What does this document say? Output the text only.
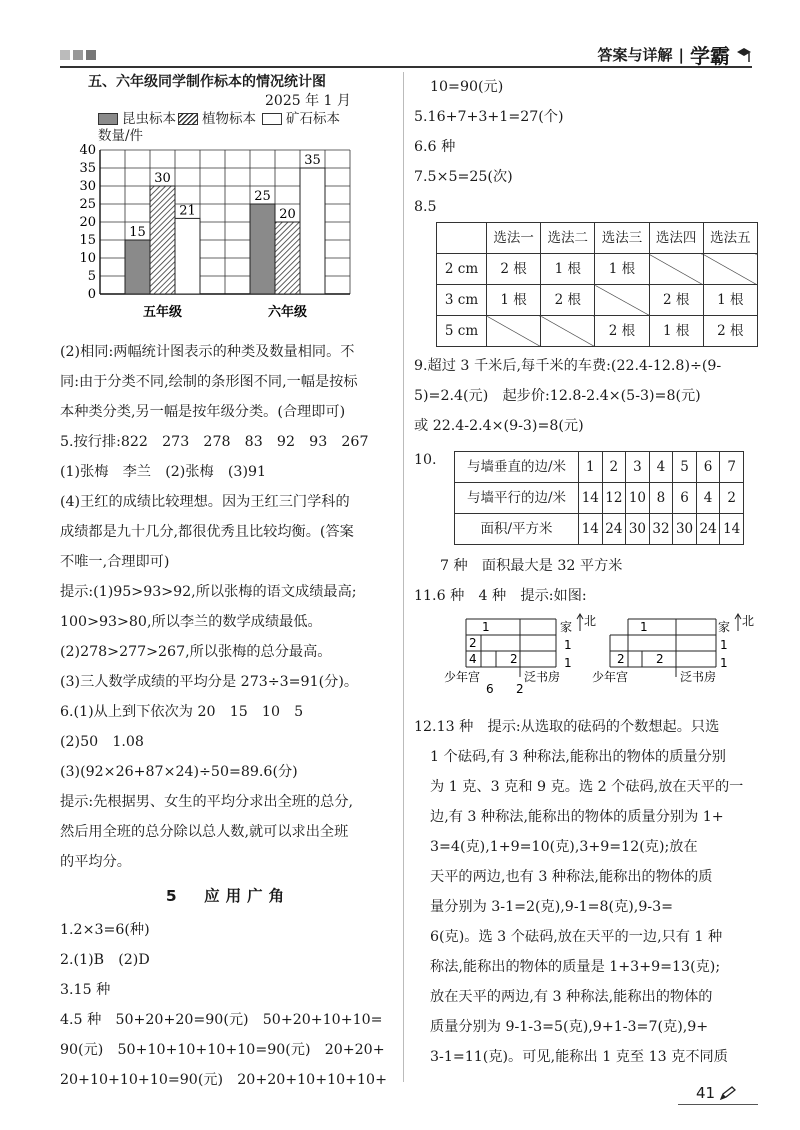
答案与详解 | 学霸
五、六年级同学制作标本的情况统计图
2025 年 1 月
昆虫标本 植物标本 矿石标本
数量/件
0
5
10
15
20
25
30
35
40
15
30
21
五年级
25
20
35
六年级
(2)相同:两幅统计图表示的种类及数量相同。不
同:由于分类不同,绘制的条形图不同,一幅是按标
本种类分类,另一幅是按年级分类。(合理即可)
5.按行排:822　273　278　83　92　93　267
(1)张梅　李兰　(2)张梅　(3)91
(4)王红的成绩比较理想。因为王红三门学科的
成绩都是九十几分,都很优秀且比较均衡。(答案
不唯一,合理即可)
提示:(1)95>93>92,所以张梅的语文成绩最高;
100>93>80,所以李兰的数学成绩最低。
(2)278>277>267,所以张梅的总分最高。
(3)三人数学成绩的平均分是 273÷3=91(分)。
6.(1)从上到下依次为 20　15　10　5
(2)50　1.08
(3)(92×26+87×24)÷50=89.6(分)
提示:先根据男、女生的平均分求出全班的总分,
然后用全班的总分除以总人数,就可以求出全班
的平均分。
5　应用广角
1.2×3=6(种)
2.(1)B　(2)D
3.15 种
4.5 种　50+20+20=90(元)　50+20+10+10=
90(元)　50+10+10+10+10=90(元)　20+20+
20+10+10+10=90(元)　20+20+10+10+10+
10=90(元)
5.16+7+3+1=27(个)
6.6 种
7.5×5=25(次)
8.5
	选法一	选法二	选法三	选法四	选法五
2 cm	2 根	1 根	1 根		
3 cm	1 根	2 根		2 根	1 根
5 cm			2 根	1 根	2 根
9.超过 3 千米后,每千米的车费:(22.4-12.8)÷(9-
5)=2.4(元)　起步价:12.8-2.4×(5-3)=8(元)
或 22.4-2.4×(9-3)=8(元)
10. 与墙垂直的边/米	1	2	3	4	5	6	7
与墙平行的边/米	14	12	10	8	6	4	2
面积/平方米	14	24	30	32	30	24	14
7 种　面积最大是 32 平方米
11.6 种　4 种　提示:如图:
1
2
4	2
1
1
6 2
家 北
少年宫	泛书房
1
2	2
1
1
家 北
少年宫	泛书房
12.13 种　提示:从选取的砝码的个数想起。只选
1 个砝码,有 3 种称法,能称出的物体的质量分别
为 1 克、3 克和 9 克。选 2 个砝码,放在天平的一
边,有 3 种称法,能称出的物体的质量分别为 1+
3=4(克),1+9=10(克),3+9=12(克);放在
天平的两边,也有 3 种称法,能称出的物体的质
量分别为 3-1=2(克),9-1=8(克),9-3=
6(克)。选 3 个砝码,放在天平的一边,只有 1 种
称法,能称出的物体的质量是 1+3+9=13(克);
放在天平的两边,有 3 种称法,能称出的物体的
质量分别为 9-1-3=5(克),9+1-3=7(克),9+
3-1=11(克)。可见,能称出 1 克至 13 克不同质
41
